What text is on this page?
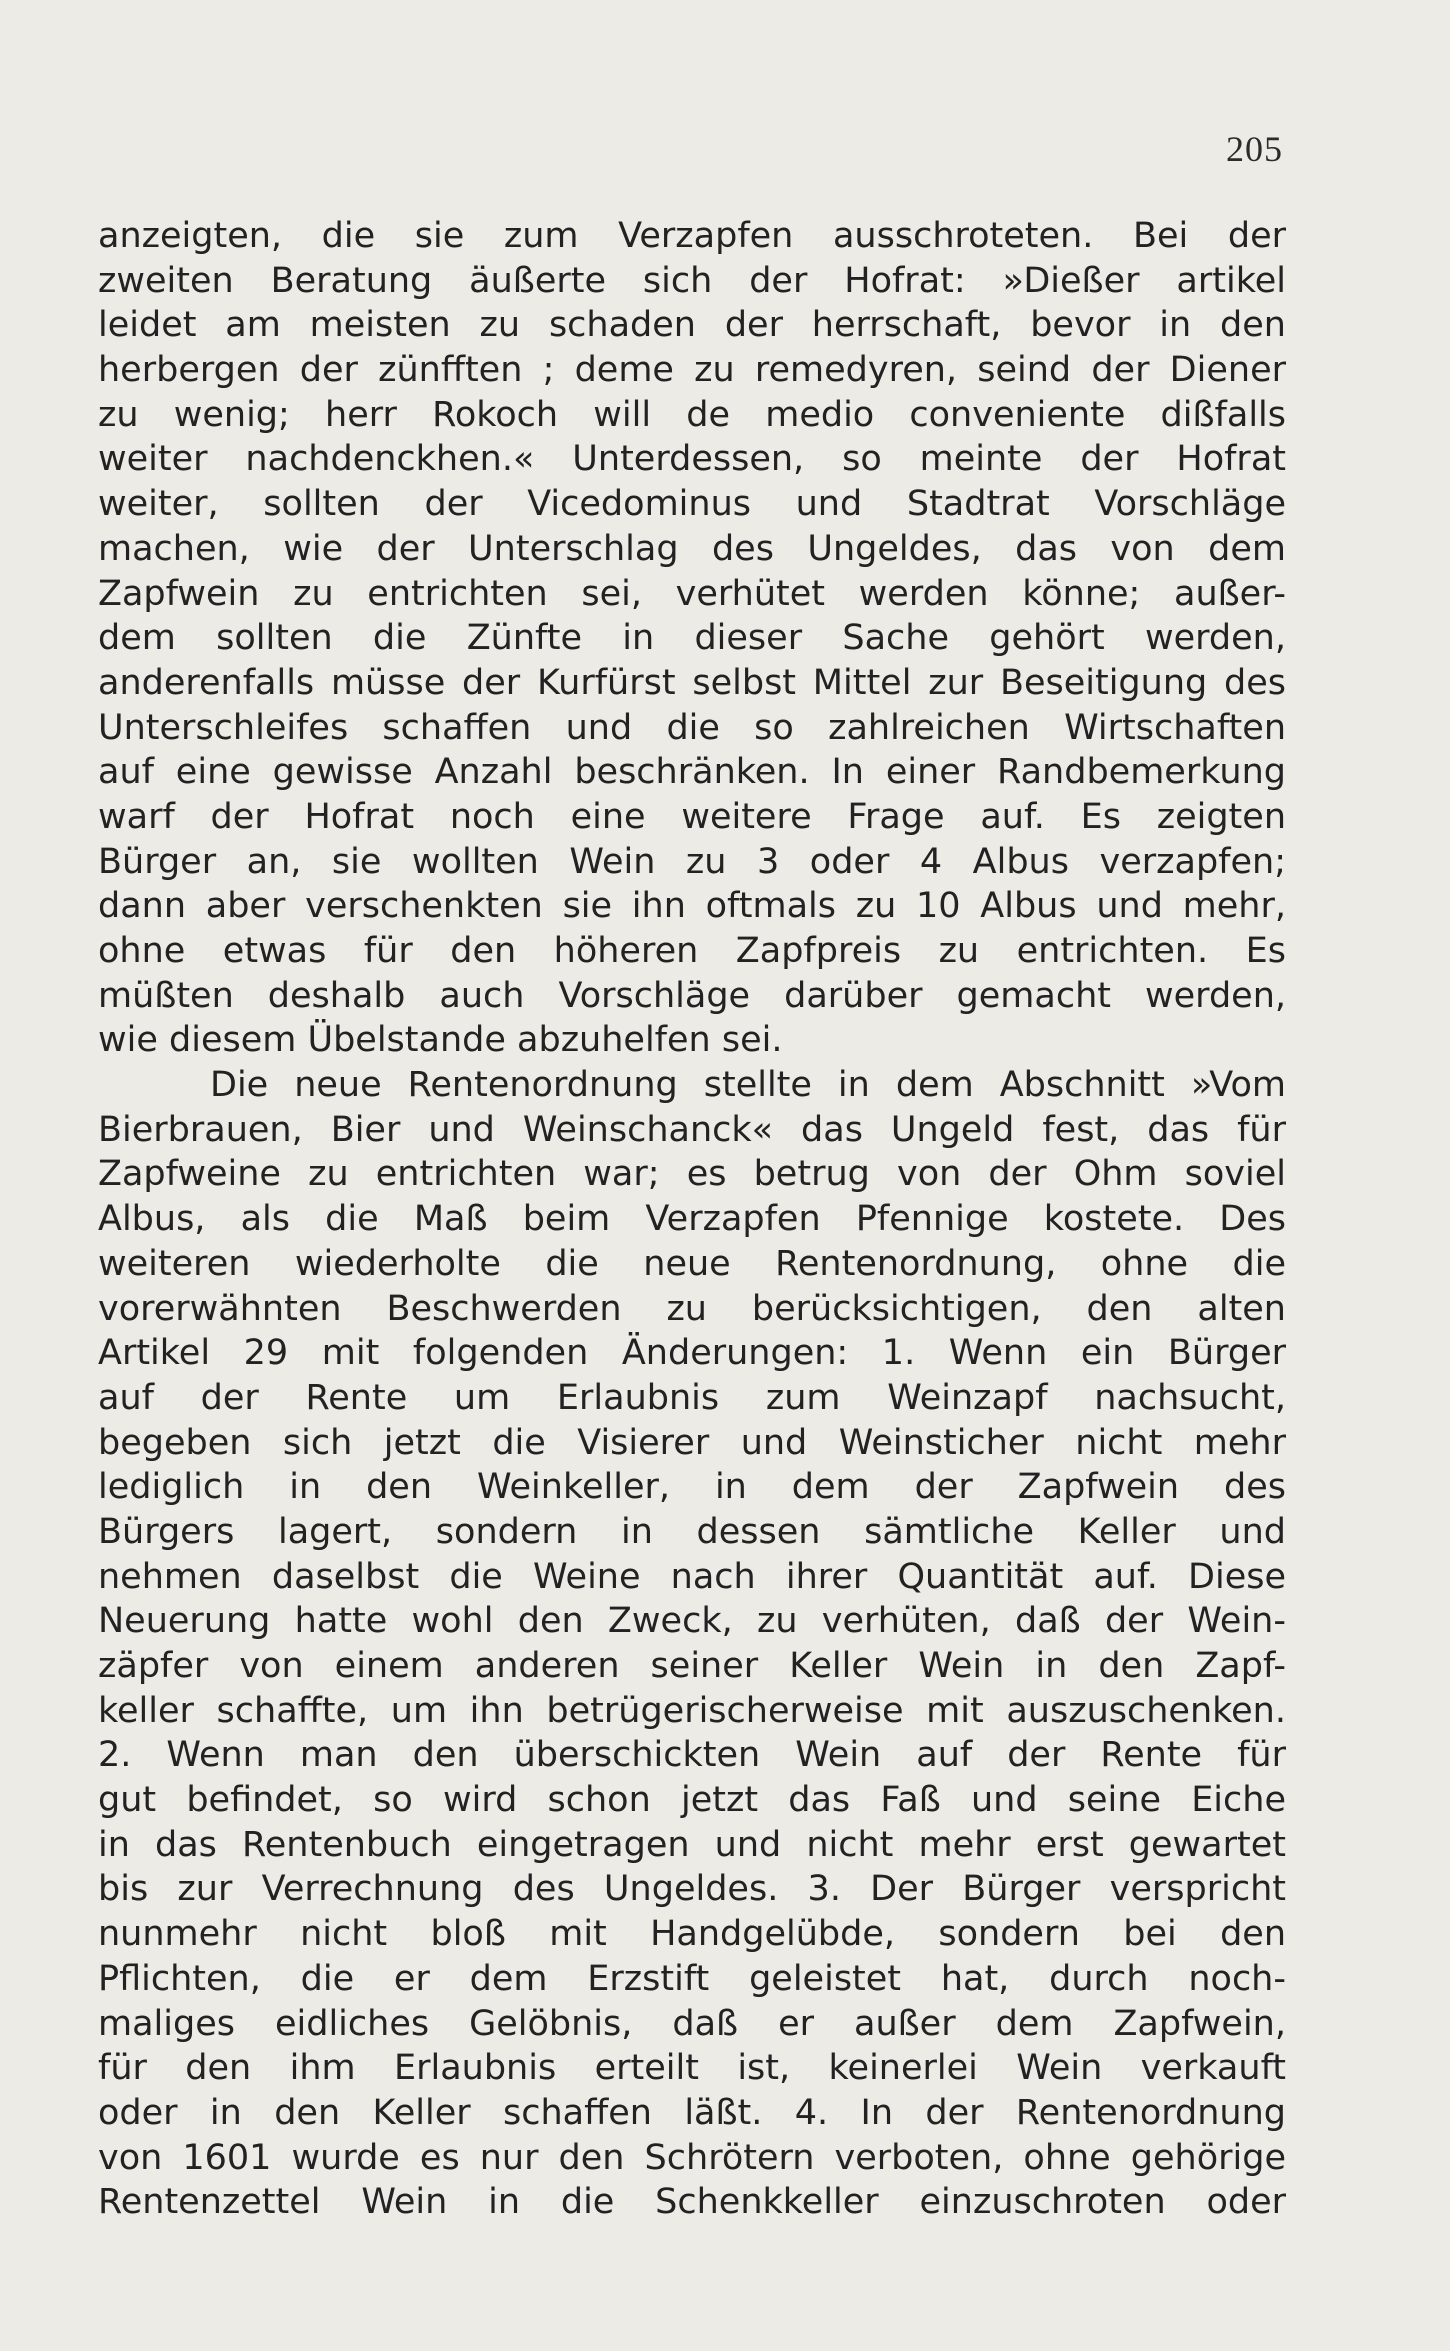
205
anzeigten, die sie zum Verzapfen ausschroteten. Bei der
zweiten Beratung äußerte sich der Hofrat: »Dießer artikel
leidet am meisten zu schaden der herrschaft, bevor in den
herbergen der zünfften ; deme zu remedyren, seind der Diener
zu wenig; herr Rokoch will de medio conveniente dißfalls
weiter nachdenckhen.« Unterdessen, so meinte der Hofrat
weiter, sollten der Vicedominus und Stadtrat Vorschläge
machen, wie der Unterschlag des Ungeldes, das von dem
Zapfwein zu entrichten sei, verhütet werden könne; außer-
dem sollten die Zünfte in dieser Sache gehört werden,
anderenfalls müsse der Kurfürst selbst Mittel zur Beseitigung des
Unterschleifes schaffen und die so zahlreichen Wirtschaften
auf eine gewisse Anzahl beschränken. In einer Randbemerkung
warf der Hofrat noch eine weitere Frage auf. Es zeigten
Bürger an, sie wollten Wein zu 3 oder 4 Albus verzapfen;
dann aber verschenkten sie ihn oftmals zu 10 Albus und mehr,
ohne etwas für den höheren Zapfpreis zu entrichten. Es
müßten deshalb auch Vorschläge darüber gemacht werden,
wie diesem Übelstande abzuhelfen sei.
Die neue Rentenordnung stellte in dem Abschnitt »Vom
Bierbrauen, Bier und Weinschanck« das Ungeld fest, das für
Zapfweine zu entrichten war; es betrug von der Ohm soviel
Albus, als die Maß beim Verzapfen Pfennige kostete. Des
weiteren wiederholte die neue Rentenordnung, ohne die
vorerwähnten Beschwerden zu berücksichtigen, den alten
Artikel 29 mit folgenden Änderungen: 1. Wenn ein Bürger
auf der Rente um Erlaubnis zum Weinzapf nachsucht,
begeben sich jetzt die Visierer und Weinsticher nicht mehr
lediglich in den Weinkeller, in dem der Zapfwein des
Bürgers lagert, sondern in dessen sämtliche Keller und
nehmen daselbst die Weine nach ihrer Quantität auf. Diese
Neuerung hatte wohl den Zweck, zu verhüten, daß der Wein-
zäpfer von einem anderen seiner Keller Wein in den Zapf-
keller schaffte, um ihn betrügerischerweise mit auszuschenken.
2. Wenn man den überschickten Wein auf der Rente für
gut befindet, so wird schon jetzt das Faß und seine Eiche
in das Rentenbuch eingetragen und nicht mehr erst gewartet
bis zur Verrechnung des Ungeldes. 3. Der Bürger verspricht
nunmehr nicht bloß mit Handgelübde, sondern bei den
Pflichten, die er dem Erzstift geleistet hat, durch noch-
maliges eidliches Gelöbnis, daß er außer dem Zapfwein,
für den ihm Erlaubnis erteilt ist, keinerlei Wein verkauft
oder in den Keller schaffen läßt. 4. In der Rentenordnung
von 1601 wurde es nur den Schrötern verboten, ohne gehörige
Rentenzettel Wein in die Schenkkeller einzuschroten oder
